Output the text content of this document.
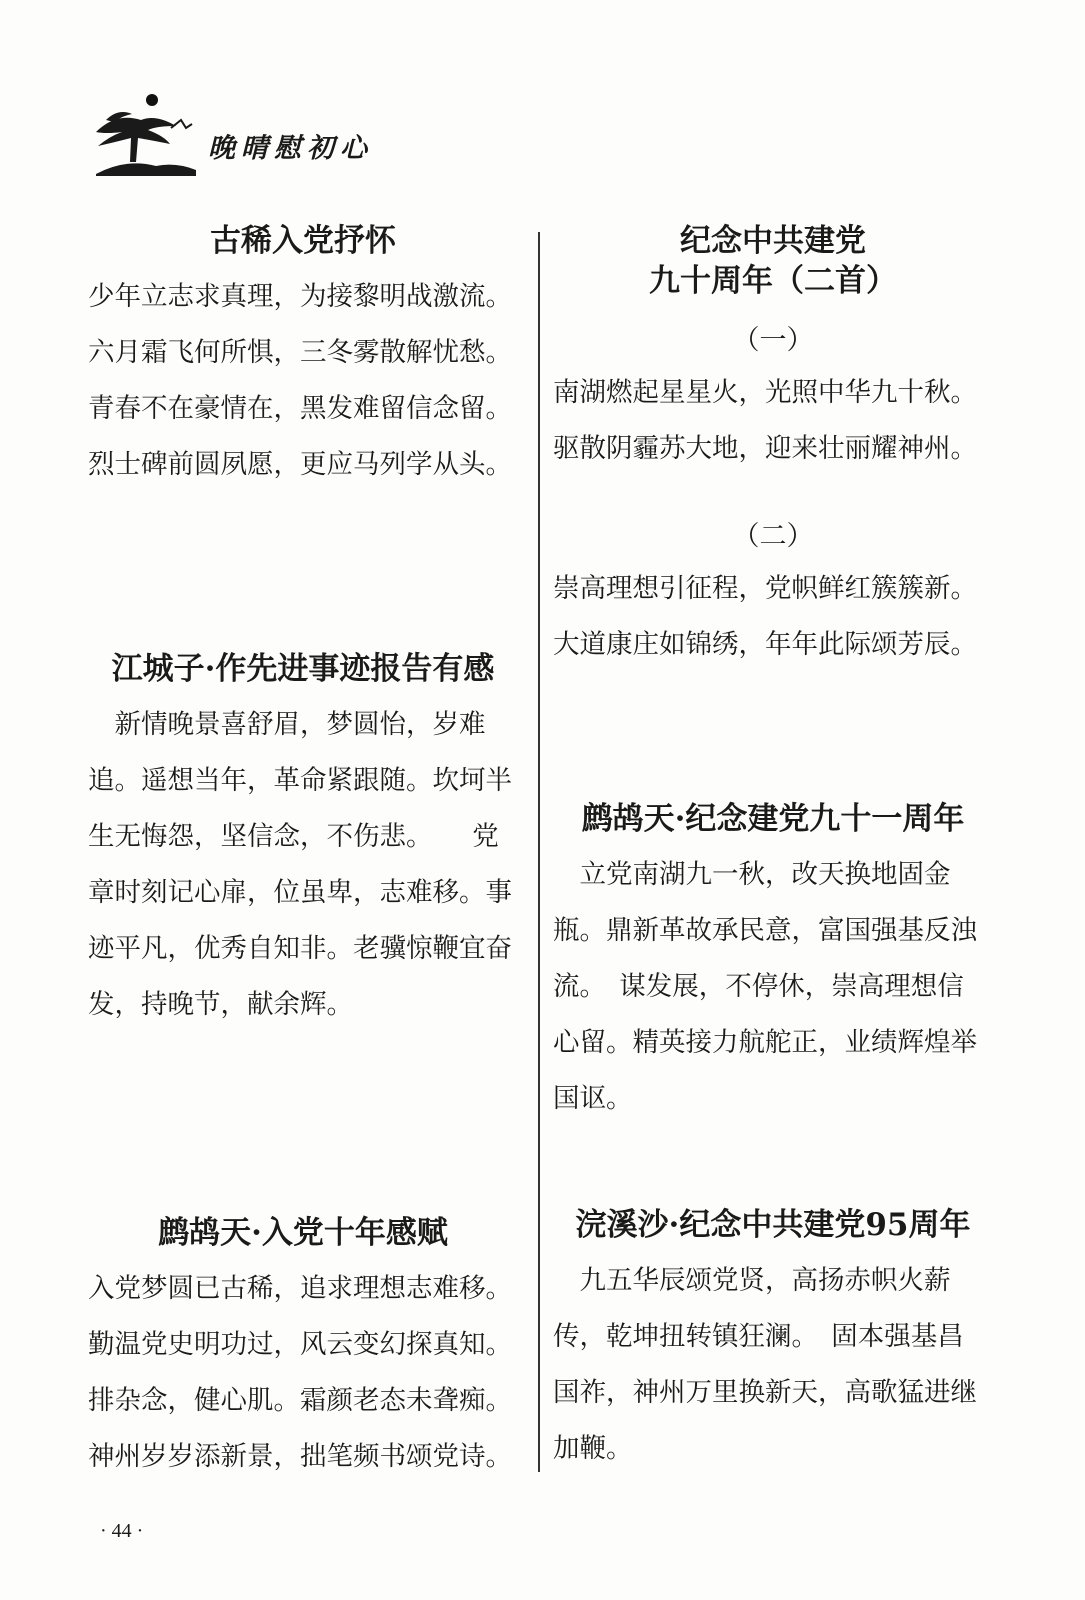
晚晴慰初心
古稀入党抒怀
少年立志求真理，为接黎明战激流。
六月霜飞何所惧，三冬雾散解忧愁。
青春不在豪情在，黑发难留信念留。
烈士碑前圆夙愿，更应马列学从头。
江城子·作先进事迹报告有感
　新情晚景喜舒眉，梦圆怡，岁难
追。遥想当年，革命紧跟随。坎坷半
生无悔怨，坚信念，不伤悲。　　党
章时刻记心扉，位虽卑，志难移。事
迹平凡，优秀自知非。老骥惊鞭宜奋
发，持晚节，献余辉。
鹧鸪天·入党十年感赋
入党梦圆已古稀，追求理想志难移。
勤温党史明功过，风云变幻探真知。
排杂念，健心肌。霜颜老态未聋痴。
神州岁岁添新景，拙笔频书颂党诗。
纪念中共建党
九十周年（二首）
（一）
南湖燃起星星火，光照中华九十秋。
驱散阴霾苏大地，迎来壮丽耀神州。
（二）
崇高理想引征程，党帜鲜红簇簇新。
大道康庄如锦绣，年年此际颂芳辰。
鹧鸪天·纪念建党九十一周年
　立党南湖九一秋，改天换地固金
瓶。鼎新革故承民意，富国强基反浊
流。　谋发展，不停休，崇高理想信
心留。精英接力航舵正，业绩辉煌举
国讴。
浣溪沙·纪念中共建党95周年
　九五华辰颂党贤，高扬赤帜火薪
传，乾坤扭转镇狂澜。　固本强基昌
国祚，神州万里换新天，高歌猛进继
加鞭。
· 44 ·
